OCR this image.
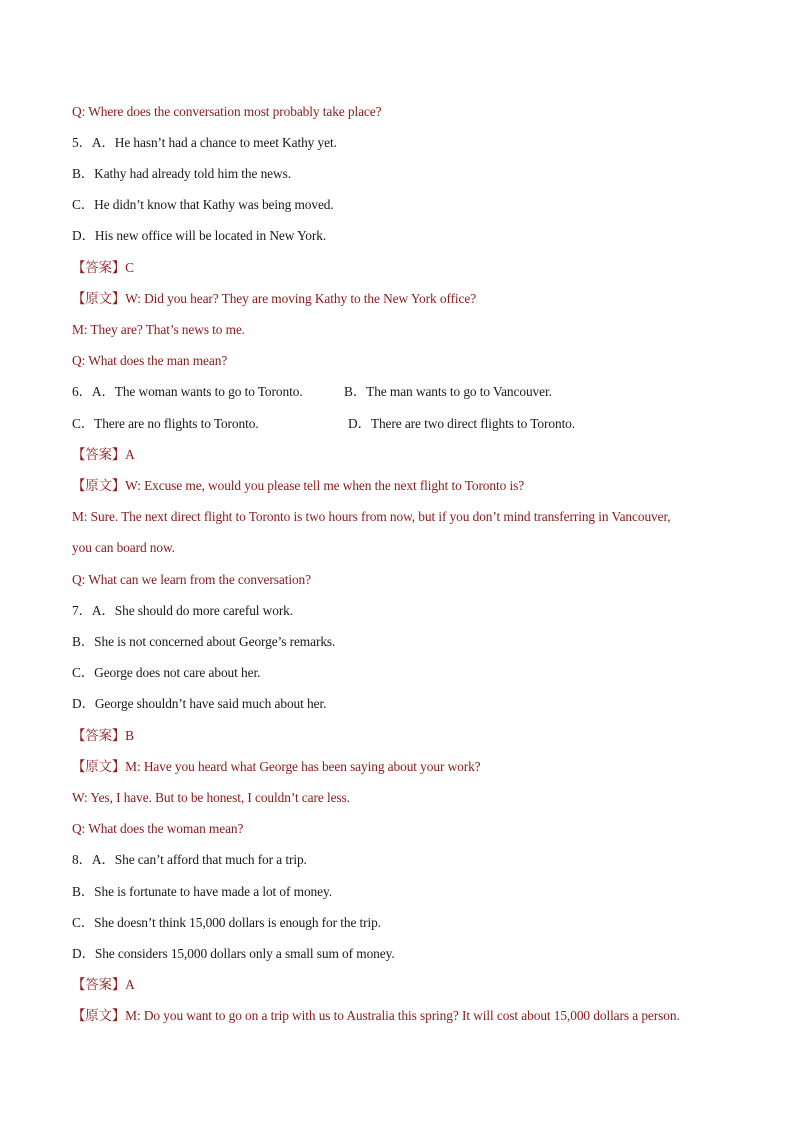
Q: Where does the conversation most probably take place?
5．A．He hasn’t had a chance to meet Kathy yet.
B．Kathy had already told him the news.
C．He didn’t know that Kathy was being moved.
D．His new office will be located in New York.
【答案】C
【原文】W: Did you hear? They are moving Kathy to the New York office?
M: They are? That’s news to me.
Q: What does the man mean?
6．A．The woman wants to go to Toronto.	B．The man wants to go to Vancouver.
C．There are no flights to Toronto.	D．There are two direct flights to Toronto.
【答案】A
【原文】W: Excuse me, would you please tell me when the next flight to Toronto is?
M: Sure. The next direct flight to Toronto is two hours from now, but if you don’t mind transferring in Vancouver,
you can board now.
Q: What can we learn from the conversation?
7．A．She should do more careful work.
B．She is not concerned about George’s remarks.
C．George does not care about her.
D．George shouldn’t have said much about her.
【答案】B
【原文】M: Have you heard what George has been saying about your work?
W: Yes, I have. But to be honest, I couldn’t care less.
Q: What does the woman mean?
8．A．She can’t afford that much for a trip.
B．She is fortunate to have made a lot of money.
C．She doesn’t think 15,000 dollars is enough for the trip.
D．She considers 15,000 dollars only a small sum of money.
【答案】A
【原文】M: Do you want to go on a trip with us to Australia this spring? It will cost about 15,000 dollars a person.
